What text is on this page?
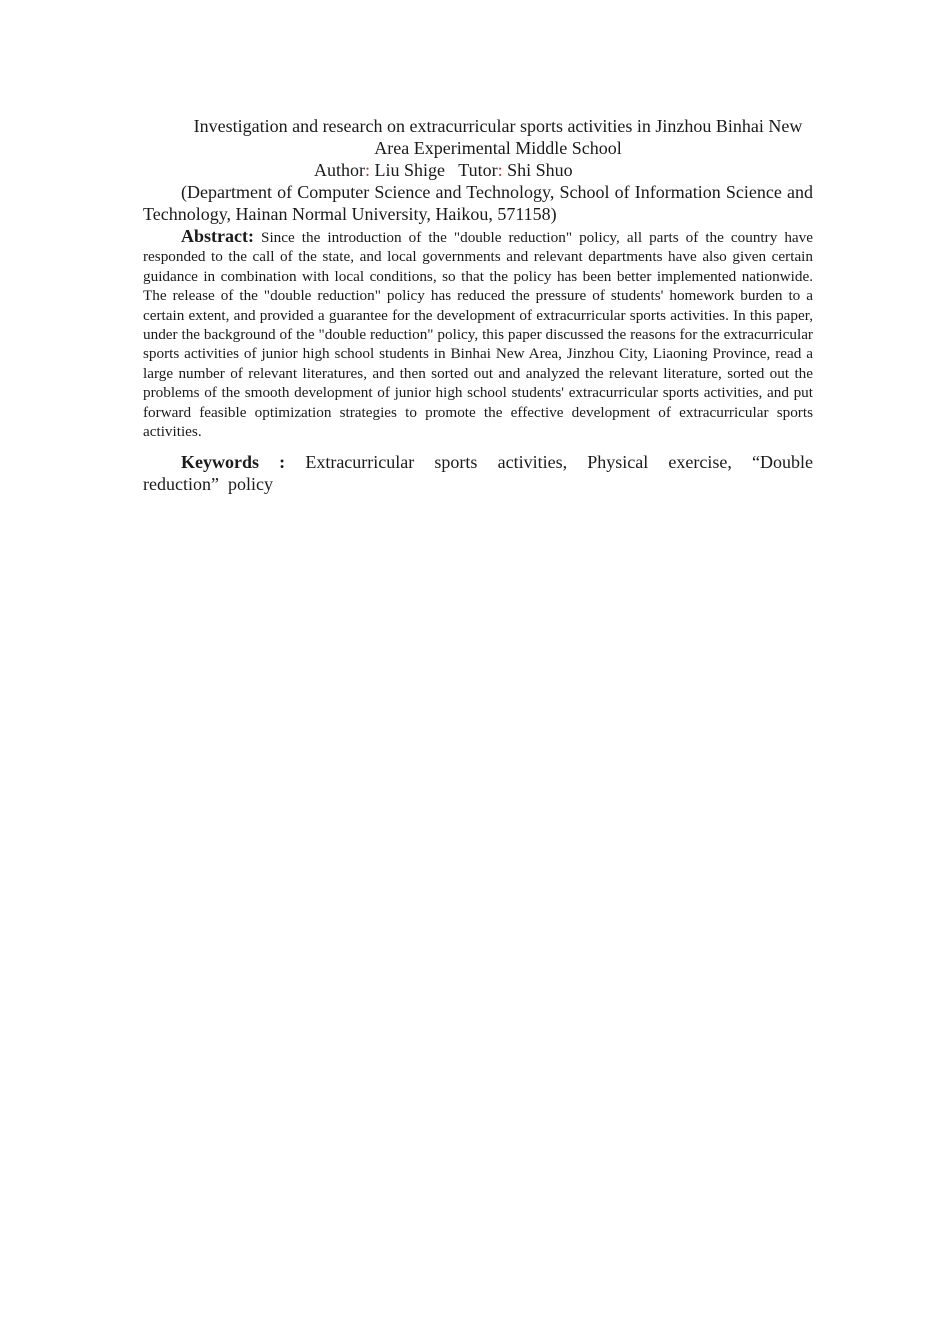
Investigation and research on extracurricular sports activities in Jinzhou Binhai New Area Experimental Middle School

Author: Liu Shige Tutor: Shi Shuo

(Department of Computer Science and Technology, School of Information Science and Technology, Hainan Normal University, Haikou, 571158)

Abstract: Since the introduction of the "double reduction" policy, all parts of the country have responded to the call of the state, and local governments and relevant departments have also given certain guidance in combination with local conditions, so that the policy has been better implemented nationwide. The release of the "double reduction" policy has reduced the pressure of students' homework burden to a certain extent, and provided a guarantee for the development of extracurricular sports activities. In this paper, under the background of the "double reduction" policy, this paper discussed the reasons for the extracurricular sports activities of junior high school students in Binhai New Area, Jinzhou City, Liaoning Province, read a large number of relevant literatures, and then sorted out and analyzed the relevant literature, sorted out the problems of the smooth development of junior high school students' extracurricular sports activities, and put forward feasible optimization strategies to promote the effective development of extracurricular sports activities.

Keywords : Extracurricular sports activities, Physical exercise, “Double reduction”  policy
